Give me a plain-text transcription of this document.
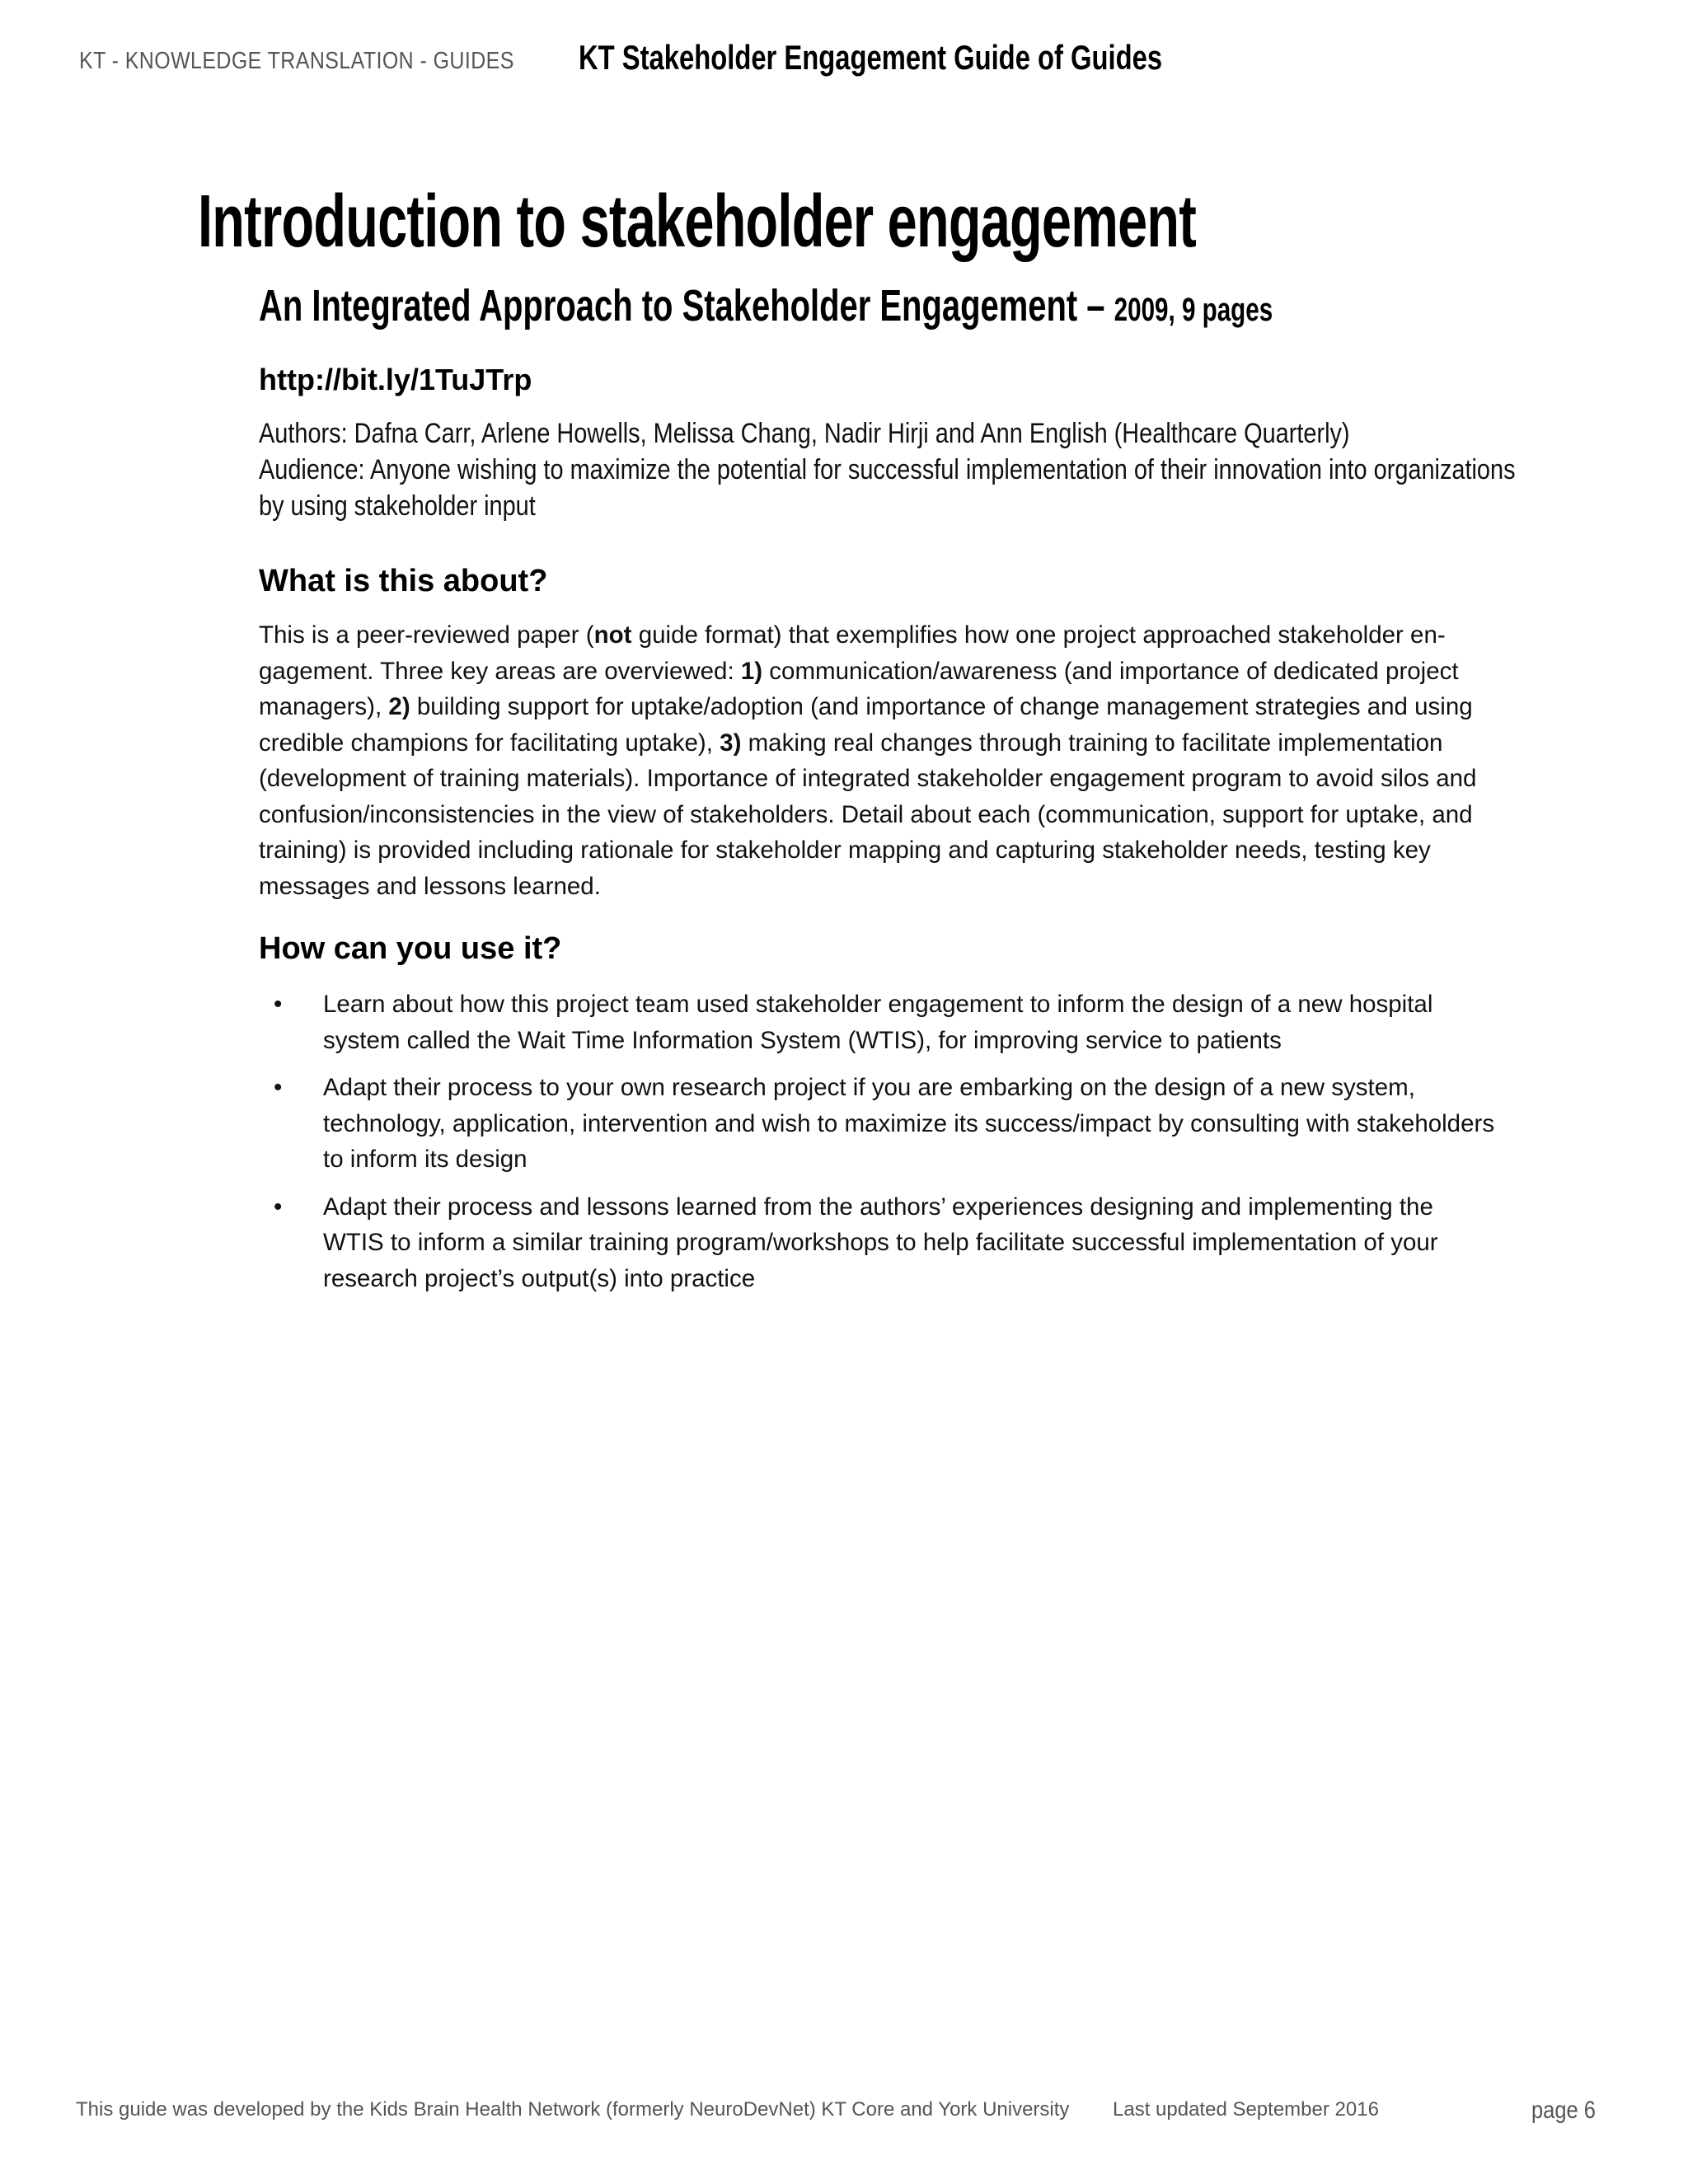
KT - KNOWLEDGE TRANSLATION - GUIDES KT Stakeholder Engagement Guide of Guides
Introduction to stakeholder engagement
An Integrated Approach to Stakeholder Engagement – 2009, 9 pages
http://bit.ly/1TuJTrp
Authors: Dafna Carr, Arlene Howells, Melissa Chang, Nadir Hirji and Ann English (Healthcare Quarterly)
Audience: Anyone wishing to maximize the potential for successful implementation of their innovation into organizations by using stakeholder input
What is this about?

This is a peer-reviewed paper (not guide format) that exemplifies how one project approached stakeholder engagement. Three key areas are overviewed: 1) communication/awareness (and importance of dedicated project managers), 2) building support for uptake/adoption (and importance of change management strategies and using credible champions for facilitating uptake), 3) making real changes through training to facilitate implementation (development of training materials). Importance of integrated stakeholder engagement program to avoid silos and confusion/inconsistencies in the view of stakeholders. Detail about each (communication, support for uptake, and training) is provided including rationale for stakeholder mapping and capturing stakeholder needs, testing key messages and lessons learned.

How can you use it?
• Learn about how this project team used stakeholder engagement to inform the design of a new hospital system called the Wait Time Information System (WTIS), for improving service to patients
• Adapt their process to your own research project if you are embarking on the design of a new system, technology, application, intervention and wish to maximize its success/impact by consulting with stakeholders to inform its design
• Adapt their process and lessons learned from the authors’ experiences designing and implementing the WTIS to inform a similar training program/workshops to help facilitate successful implementation of your research project’s output(s) into practice
This guide was developed by the Kids Brain Health Network (formerly NeuroDevNet) KT Core and York University Last updated September 2016	page 6
